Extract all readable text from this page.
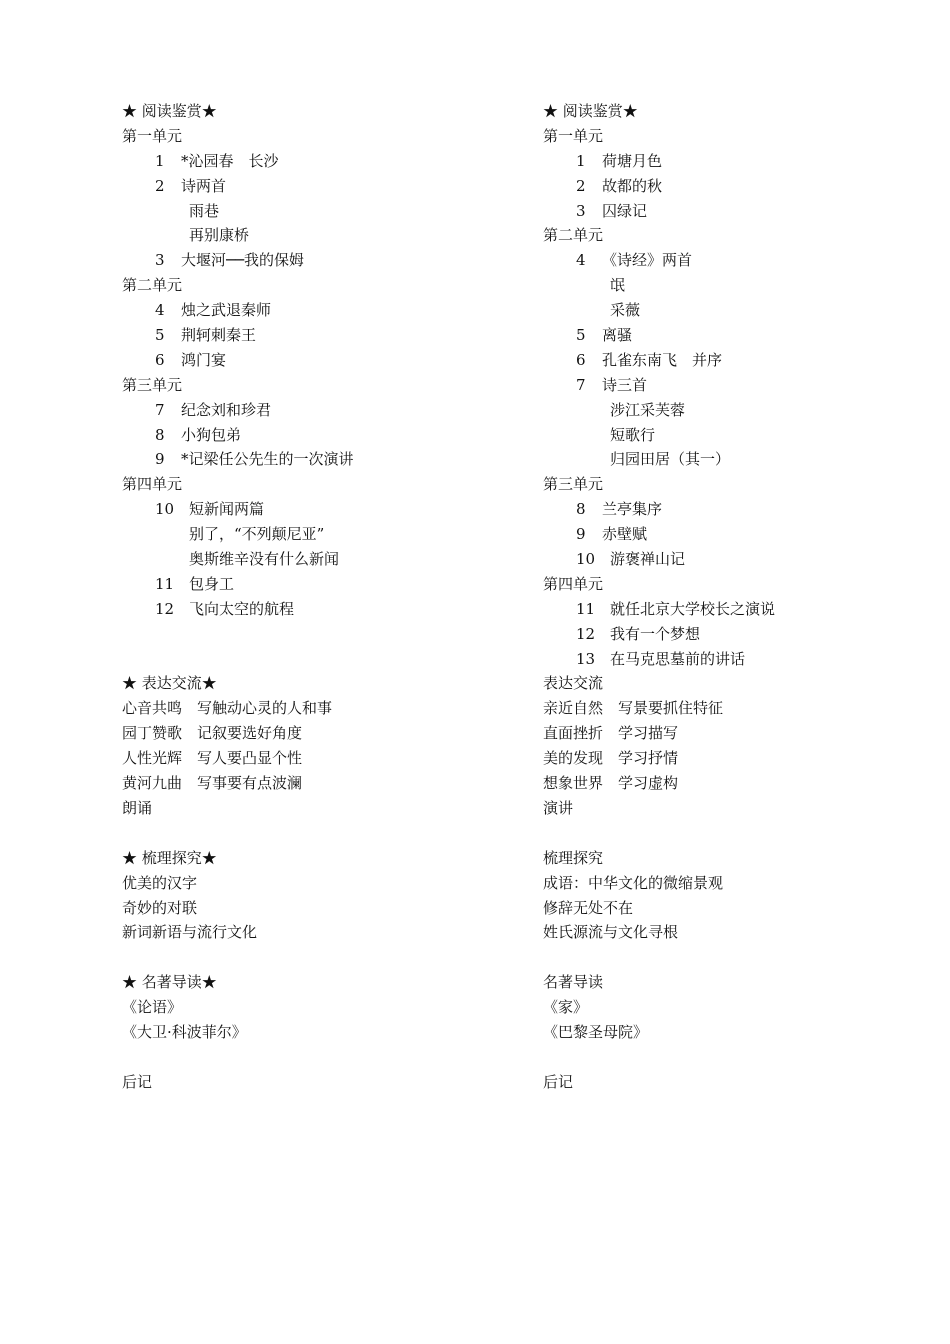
★ 阅读鉴赏★
第一单元
1 *沁园春　长沙
2 诗两首
雨巷
再别康桥
3 大堰河──我的保姆
第二单元
4 烛之武退秦师
5 荆轲刺秦王
6 鸿门宴
第三单元
7 纪念刘和珍君
8 小狗包弟
9 *记梁任公先生的一次演讲
第四单元
10 短新闻两篇
别了，“不列颠尼亚”
奥斯维辛没有什么新闻
11 包身工
12 飞向太空的航程
★ 表达交流★
心音共鸣　写触动心灵的人和事
园丁赞歌　记叙要选好角度
人性光辉　写人要凸显个性
黄河九曲　写事要有点波澜
朗诵
★ 梳理探究★
优美的汉字
奇妙的对联
新词新语与流行文化
★ 名著导读★
《论语》
《大卫·科波菲尔》
后记
★ 阅读鉴赏★
第一单元
1 荷塘月色
2 故都的秋
3 囚绿记
第二单元
4 《诗经》两首
氓
采薇
5 离骚
6 孔雀东南飞　并序
7 诗三首
涉江采芙蓉
短歌行
归园田居（其一）
第三单元
8 兰亭集序
9 赤壁赋
10 游褒禅山记
第四单元
11 就任北京大学校长之演说
12 我有一个梦想
13 在马克思墓前的讲话
表达交流
亲近自然　写景要抓住特征
直面挫折　学习描写
美的发现　学习抒情
想象世界　学习虚构
演讲
梳理探究
成语：中华文化的微缩景观
修辞无处不在
姓氏源流与文化寻根
名著导读
《家》
《巴黎圣母院》
后记
